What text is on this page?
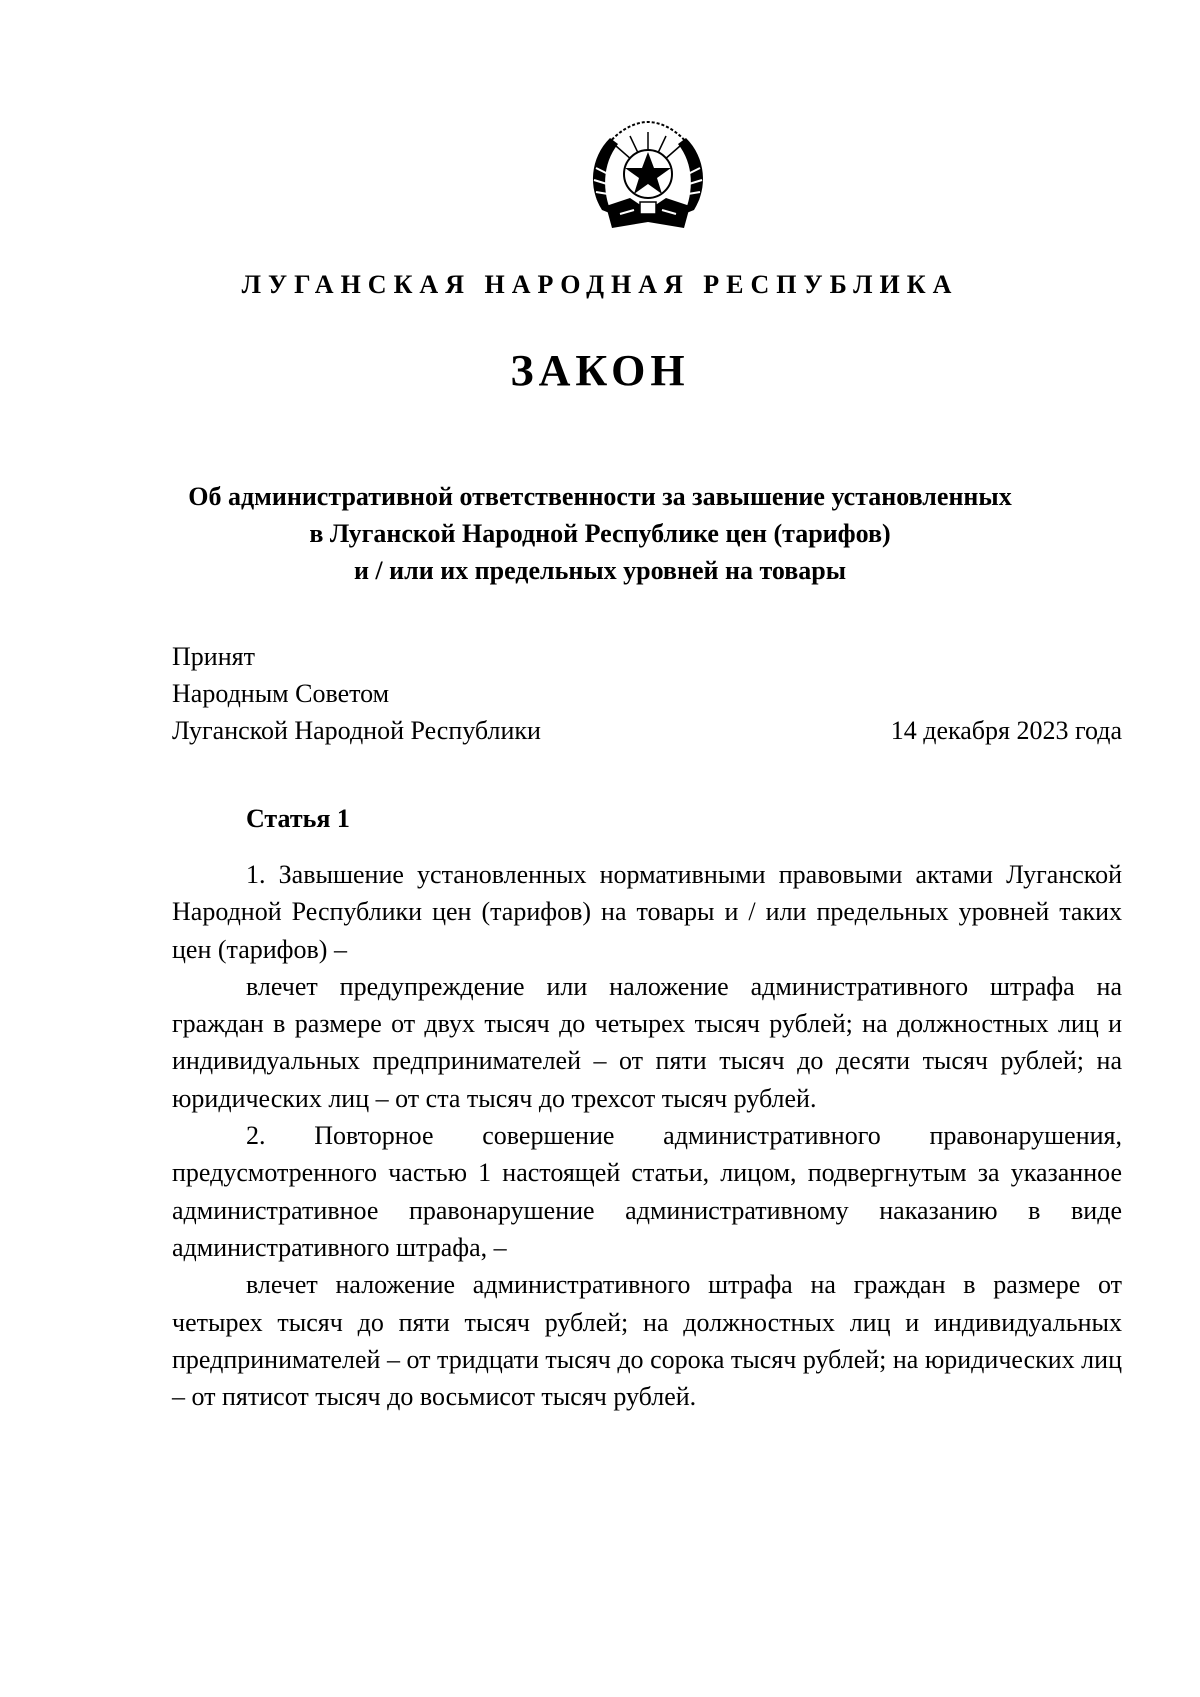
ЛУГАНСКАЯ НАРОДНАЯ РЕСПУБЛИКА
ЗАКОН
Об административной ответственности за завышение установленных
в Луганской Народной Республике цен (тарифов)
и / или их предельных уровней на товары
Принят
Народным Советом
Луганской Народной Республики	14 декабря 2023 года
Статья 1

1. Завышение установленных нормативными правовыми актами Луганской Народной Республики цен (тарифов) на товары и / или предельных уровней таких цен (тарифов) –

влечет предупреждение или наложение административного штрафа на граждан в размере от двух тысяч до четырех тысяч рублей; на должностных лиц и индивидуальных предпринимателей – от пяти тысяч до десяти тысяч рублей; на юридических лиц – от ста тысяч до трехсот тысяч рублей.

2. Повторное совершение административного правонарушения, предусмотренного частью 1 настоящей статьи, лицом, подвергнутым за указанное административное правонарушение административному наказанию в виде административного штрафа, –

влечет наложение административного штрафа на граждан в размере от четырех тысяч до пяти тысяч рублей; на должностных лиц и индивидуальных предпринимателей – от тридцати тысяч до сорока тысяч рублей; на юридических лиц – от пятисот тысяч до восьмисот тысяч рублей.
